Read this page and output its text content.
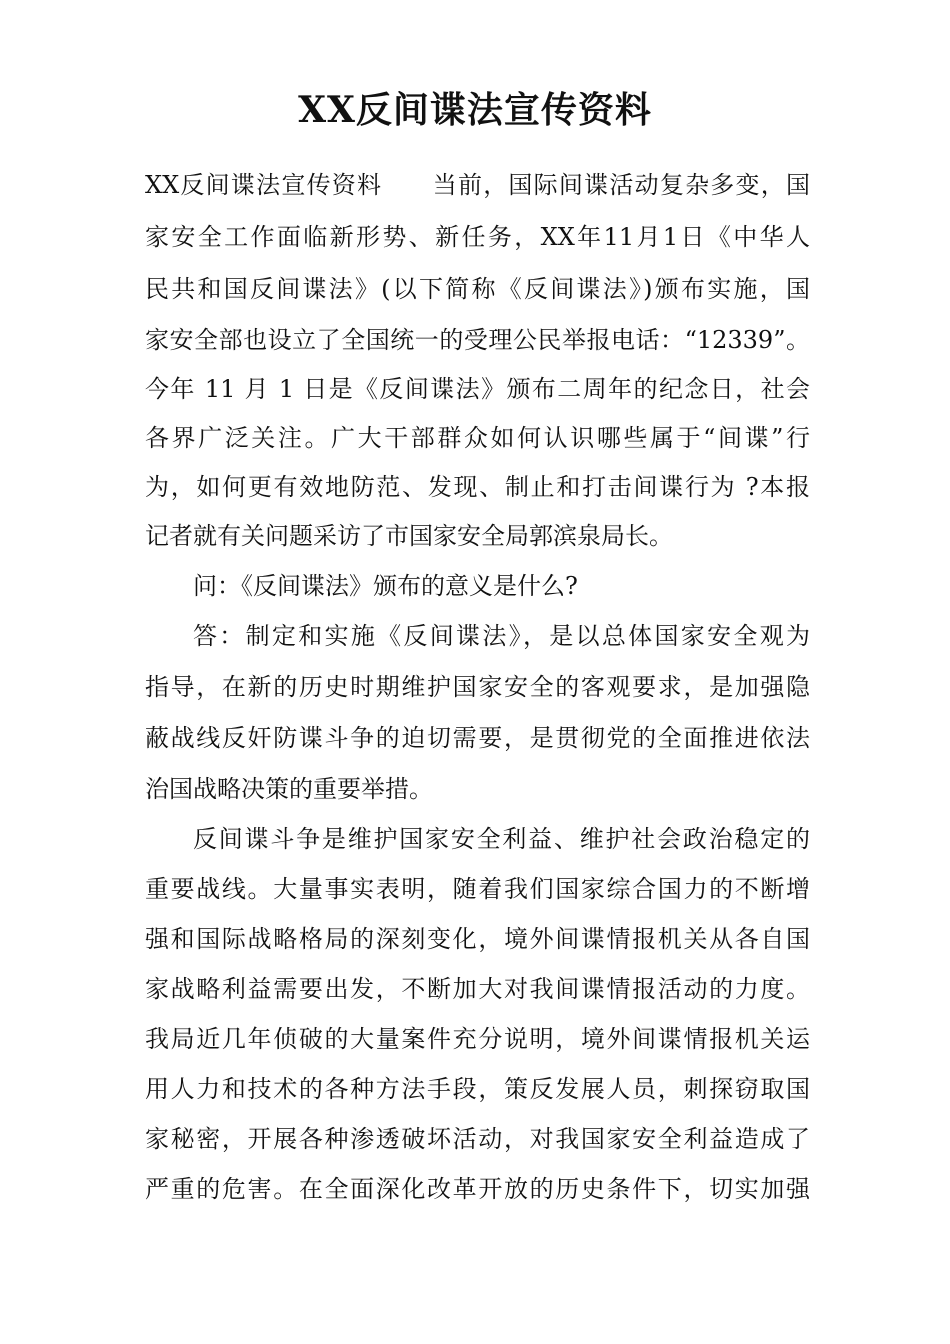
XX反间谍法宣传资料
XX反间谍法宣传资料　　当前，国际间谍活动复杂多变，国
家安全工作面临新形势、新任务，XX年11月1日《中华人
民共和国反间谍法》(以下简称《反间谍法》)颁布实施，国
家安全部也设立了全国统一的受理公民举报电话：“12339”。
今年 11 月 1 日是《反间谍法》颁布二周年的纪念日，社会
各界广泛关注。广大干部群众如何认识哪些属于“间谍”行
为，如何更有效地防范、发现、制止和打击间谍行为 ?本报
记者就有关问题采访了市国家安全局郭滨泉局长。
问：《反间谍法》颁布的意义是什么?
答：制定和实施《反间谍法》，是以总体国家安全观为
指导，在新的历史时期维护国家安全的客观要求，是加强隐
蔽战线反奸防谍斗争的迫切需要，是贯彻党的全面推进依法
治国战略决策的重要举措。
反间谍斗争是维护国家安全利益、维护社会政治稳定的
重要战线。大量事实表明，随着我们国家综合国力的不断增
强和国际战略格局的深刻变化，境外间谍情报机关从各自国
家战略利益需要出发，不断加大对我间谍情报活动的力度。
我局近几年侦破的大量案件充分说明，境外间谍情报机关运
用人力和技术的各种方法手段，策反发展人员，刺探窃取国
家秘密，开展各种渗透破坏活动，对我国家安全利益造成了
严重的危害。在全面深化改革开放的历史条件下，切实加强
